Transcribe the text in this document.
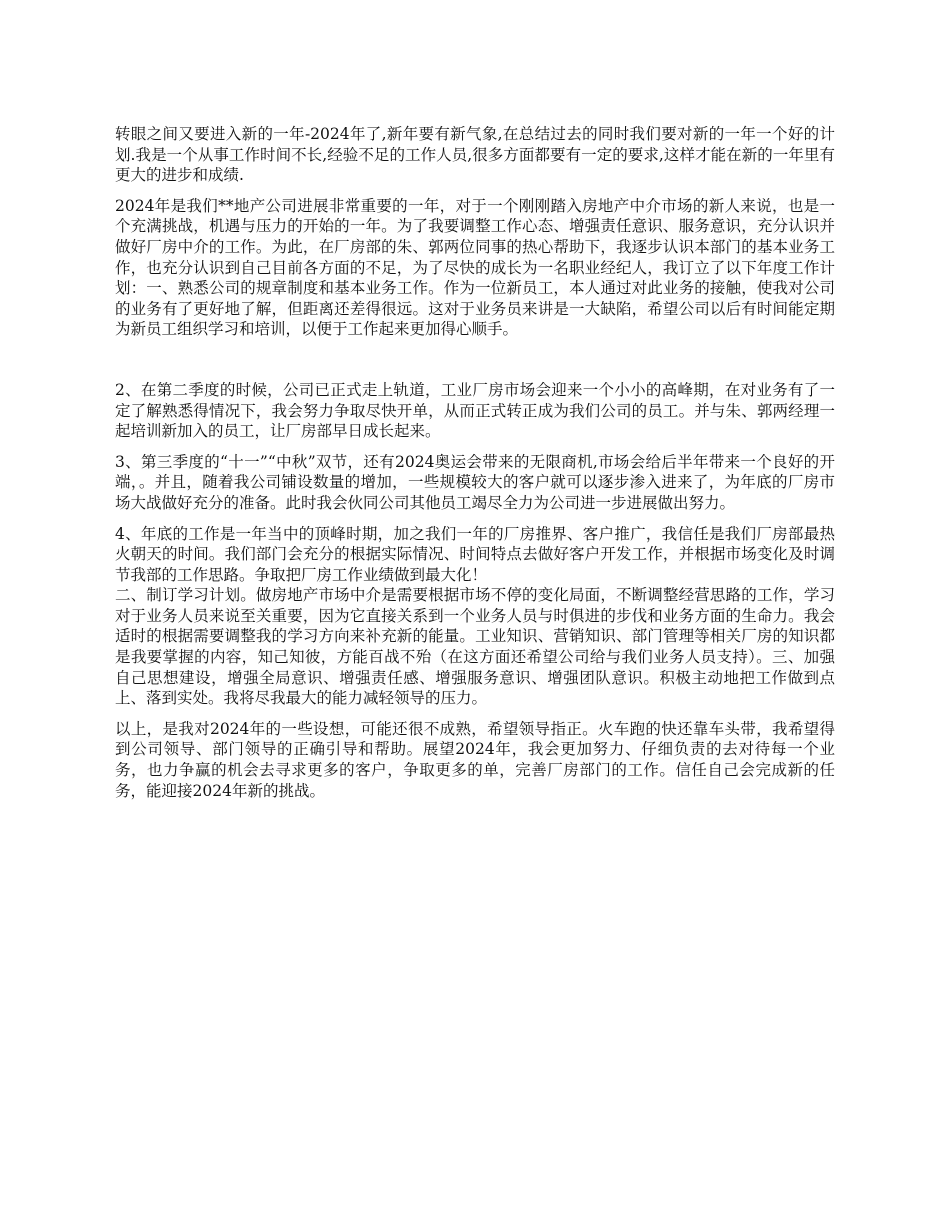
转眼之间又要进入新的一年-2024年了,新年要有新气象,在总结过去的同时我们要对新的一年一个好的计划.我是一个从事工作时间不长,经验不足的工作人员,很多方面都要有一定的要求,这样才能在新的一年里有更大的进步和成绩.

2024年是我们**地产公司进展非常重要的一年，对于一个刚刚踏入房地产中介市场的新人来说，也是一个充满挑战，机遇与压力的开始的一年。为了我要调整工作心态、增强责任意识、服务意识，充分认识并做好厂房中介的工作。为此，在厂房部的朱、郭两位同事的热心帮助下，我逐步认识本部门的基本业务工作，也充分认识到自己目前各方面的不足，为了尽快的成长为一名职业经纪人，我订立了以下年度工作计划：一、熟悉公司的规章制度和基本业务工作。作为一位新员工，本人通过对此业务的接触，使我对公司的业务有了更好地了解，但距离还差得很远。这对于业务员来讲是一大缺陷，希望公司以后有时间能定期为新员工组织学习和培训，以便于工作起来更加得心顺手。

2、在第二季度的时候，公司已正式走上轨道，工业厂房市场会迎来一个小小的高峰期，在对业务有了一定了解熟悉得情况下，我会努力争取尽快开单，从而正式转正成为我们公司的员工。并与朱、郭两经理一起培训新加入的员工，让厂房部早日成长起来。

3、第三季度的“十一”“中秋”双节，还有2024奥运会带来的无限商机,市场会给后半年带来一个良好的开端，。并且，随着我公司铺设数量的增加，一些规模较大的客户就可以逐步渗入进来了，为年底的厂房市场大战做好充分的准备。此时我会伙同公司其他员工竭尽全力为公司进一步进展做出努力。

4、年底的工作是一年当中的顶峰时期，加之我们一年的厂房推界、客户推广，我信任是我们厂房部最热火朝天的时间。我们部门会充分的根据实际情况、时间特点去做好客户开发工作，并根据市场变化及时调节我部的工作思路。争取把厂房工作业绩做到最大化！
二、制订学习计划。做房地产市场中介是需要根据市场不停的变化局面，不断调整经营思路的工作，学习对于业务人员来说至关重要，因为它直接关系到一个业务人员与时俱进的步伐和业务方面的生命力。我会适时的根据需要调整我的学习方向来补充新的能量。工业知识、营销知识、部门管理等相关厂房的知识都是我要掌握的内容，知己知彼，方能百战不殆（在这方面还希望公司给与我们业务人员支持）。三、加强自己思想建设，增强全局意识、增强责任感、增强服务意识、增强团队意识。积极主动地把工作做到点上、落到实处。我将尽我最大的能力减轻领导的压力。

以上，是我对2024年的一些设想，可能还很不成熟，希望领导指正。火车跑的快还靠车头带，我希望得到公司领导、部门领导的正确引导和帮助。展望2024年，我会更加努力、仔细负责的去对待每一个业务，也力争赢的机会去寻求更多的客户，争取更多的单，完善厂房部门的工作。信任自己会完成新的任务，能迎接2024年新的挑战。
